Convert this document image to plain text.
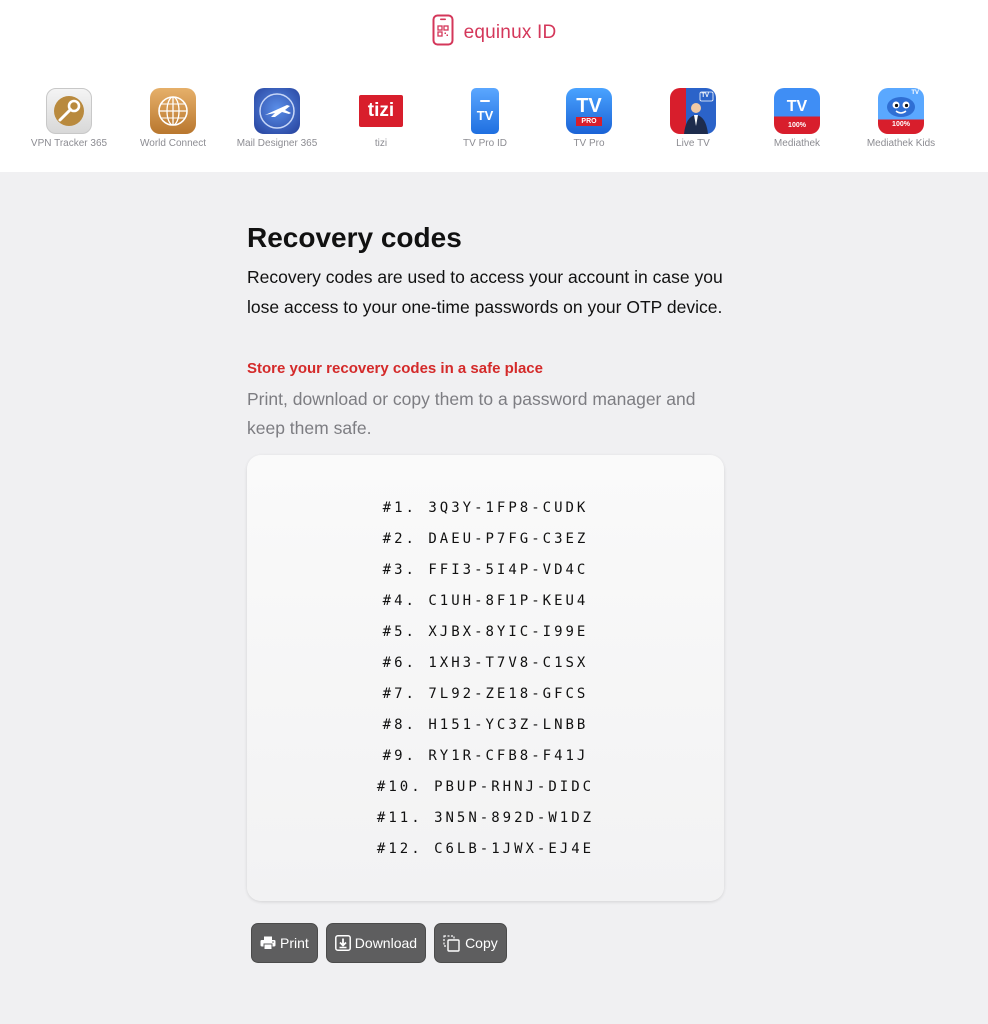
equinux ID
VPN Tracker 365	World Connect	Mail Designer 365
tizi
tizi
TV
TV Pro ID
TV
PRO
TV Pro
TV
Live TV
TV
100%
Mediathek
TV
100%
Mediathek Kids
Recovery codes

Recovery codes are used to access your account in case you lose access to your one-time passwords on your OTP device.

Store your recovery codes in a safe place

Print, download or copy them to a password manager and keep them safe.

#1. 3Q3Y-1FP8-CUDK
#2. DAEU-P7FG-C3EZ
#3. FFI3-5I4P-VD4C
#4. C1UH-8F1P-KEU4
#5. XJBX-8YIC-I99E
#6. 1XH3-T7V8-C1SX
#7. 7L92-ZE18-GFCS
#8. H151-YC3Z-LNBB
#9. RY1R-CFB8-F41J
#10. PBUP-RHNJ-DIDC
#11. 3N5N-892D-W1DZ
#12. C6LB-1JWX-EJ4E
Print	Download	Copy
